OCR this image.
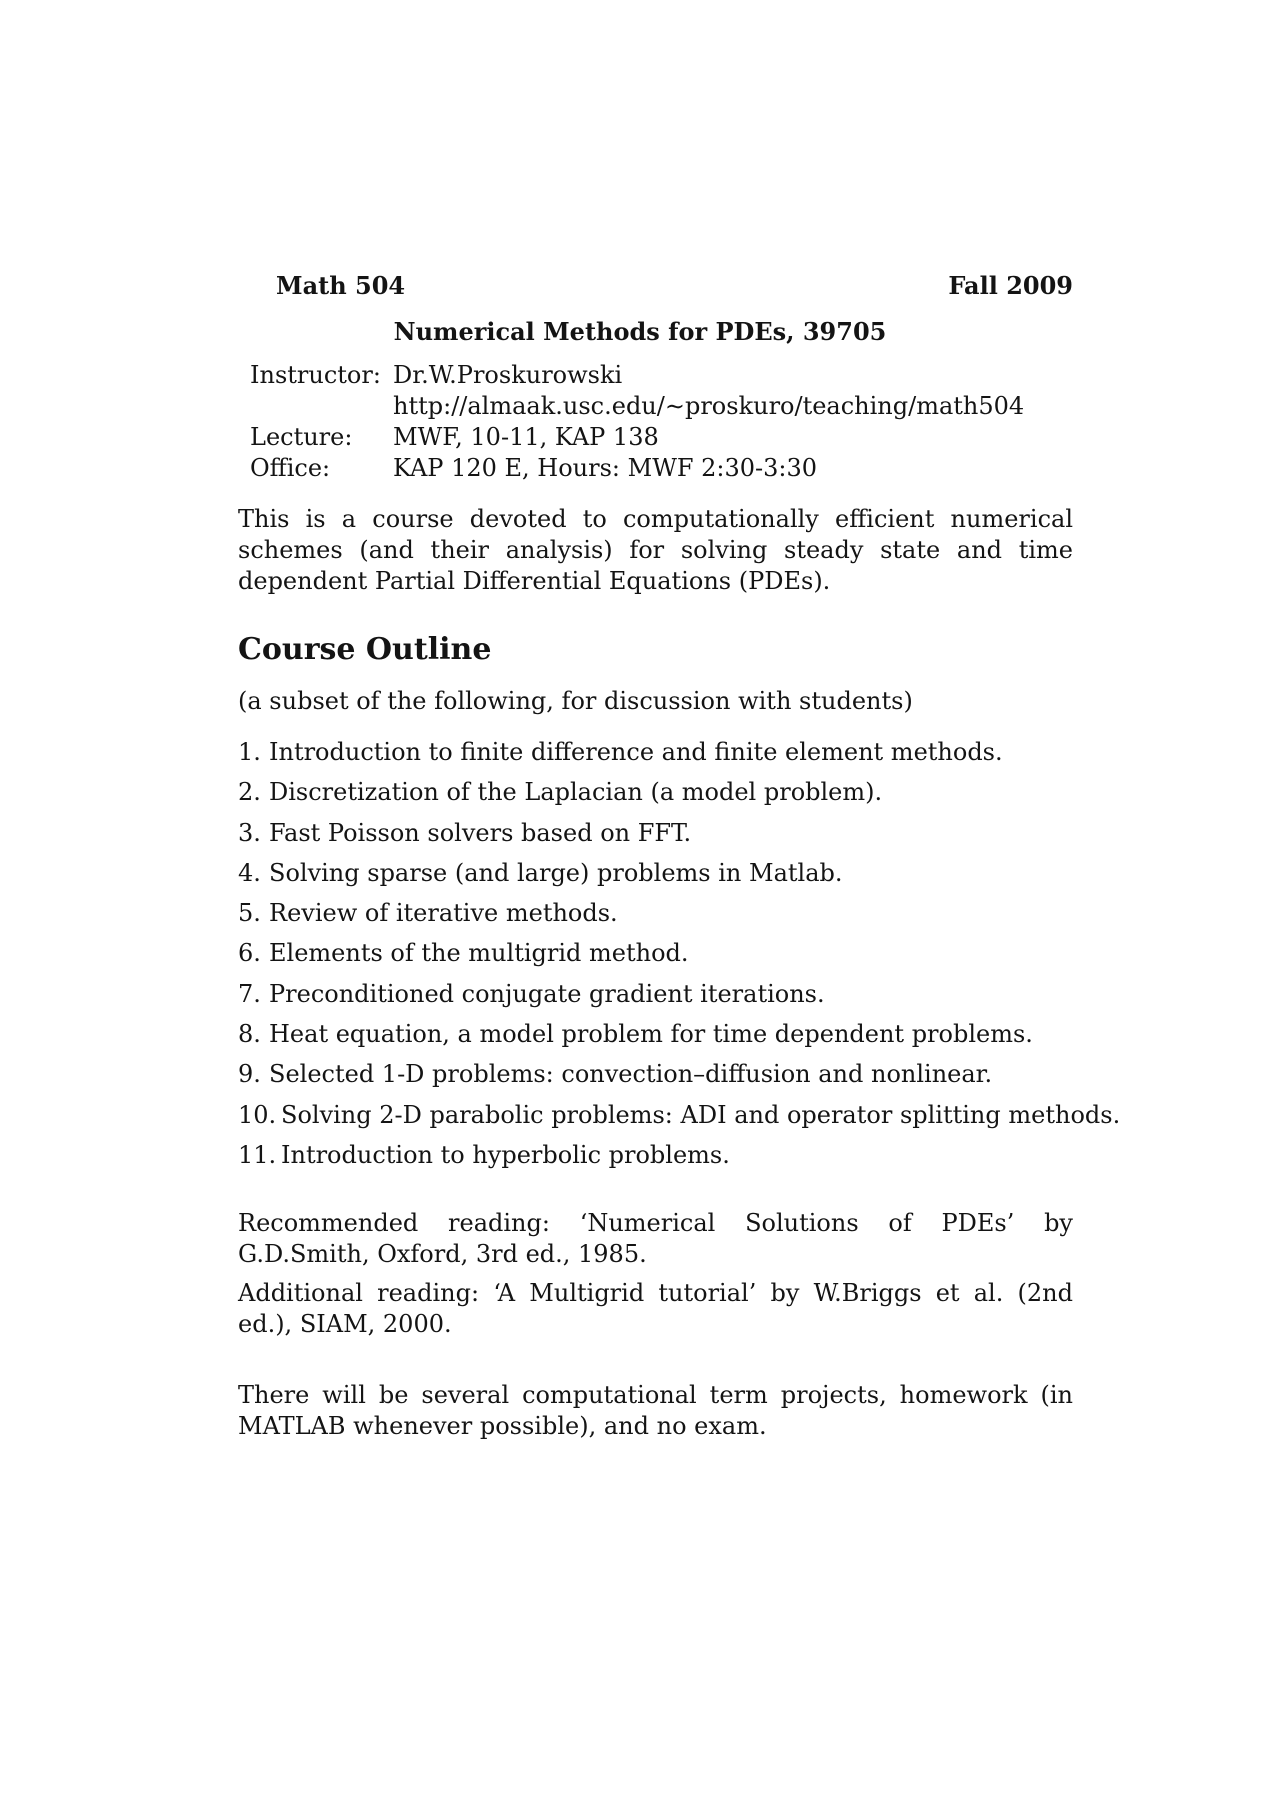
Math 504	Fall 2009
Numerical Methods for PDEs, 39705
Instructor: Dr.W.Proskurowski
http://almaak.usc.edu/∼proskuro/teaching/math504
Lecture:	MWF, 10-11, KAP 138
Office:	KAP 120 E, Hours: MWF 2:30-3:30

This is a course devoted to computationally efficient numerical schemes (and their analysis) for solving steady state and time dependent Partial Differential Equations (PDEs).

Course Outline
(a subset of the following, for discussion with students)
1. Introduction to finite difference and finite element methods.
2. Discretization of the Laplacian (a model problem).
3. Fast Poisson solvers based on FFT.
4. Solving sparse (and large) problems in Matlab.
5. Review of iterative methods.
6. Elements of the multigrid method.
7. Preconditioned conjugate gradient iterations.
8. Heat equation, a model problem for time dependent problems.
9. Selected 1-D problems: convection–diffusion and nonlinear.
10. Solving 2-D parabolic problems: ADI and operator splitting methods.
11. Introduction to hyperbolic problems.

Recommended reading: ‘Numerical Solutions of PDEs’ by G.D.Smith, Oxford, 3rd ed., 1985.

Additional reading: ‘A Multigrid tutorial’ by W.Briggs et al. (2nd ed.), SIAM, 2000.

There will be several computational term projects, homework (in MATLAB whenever possible), and no exam.
